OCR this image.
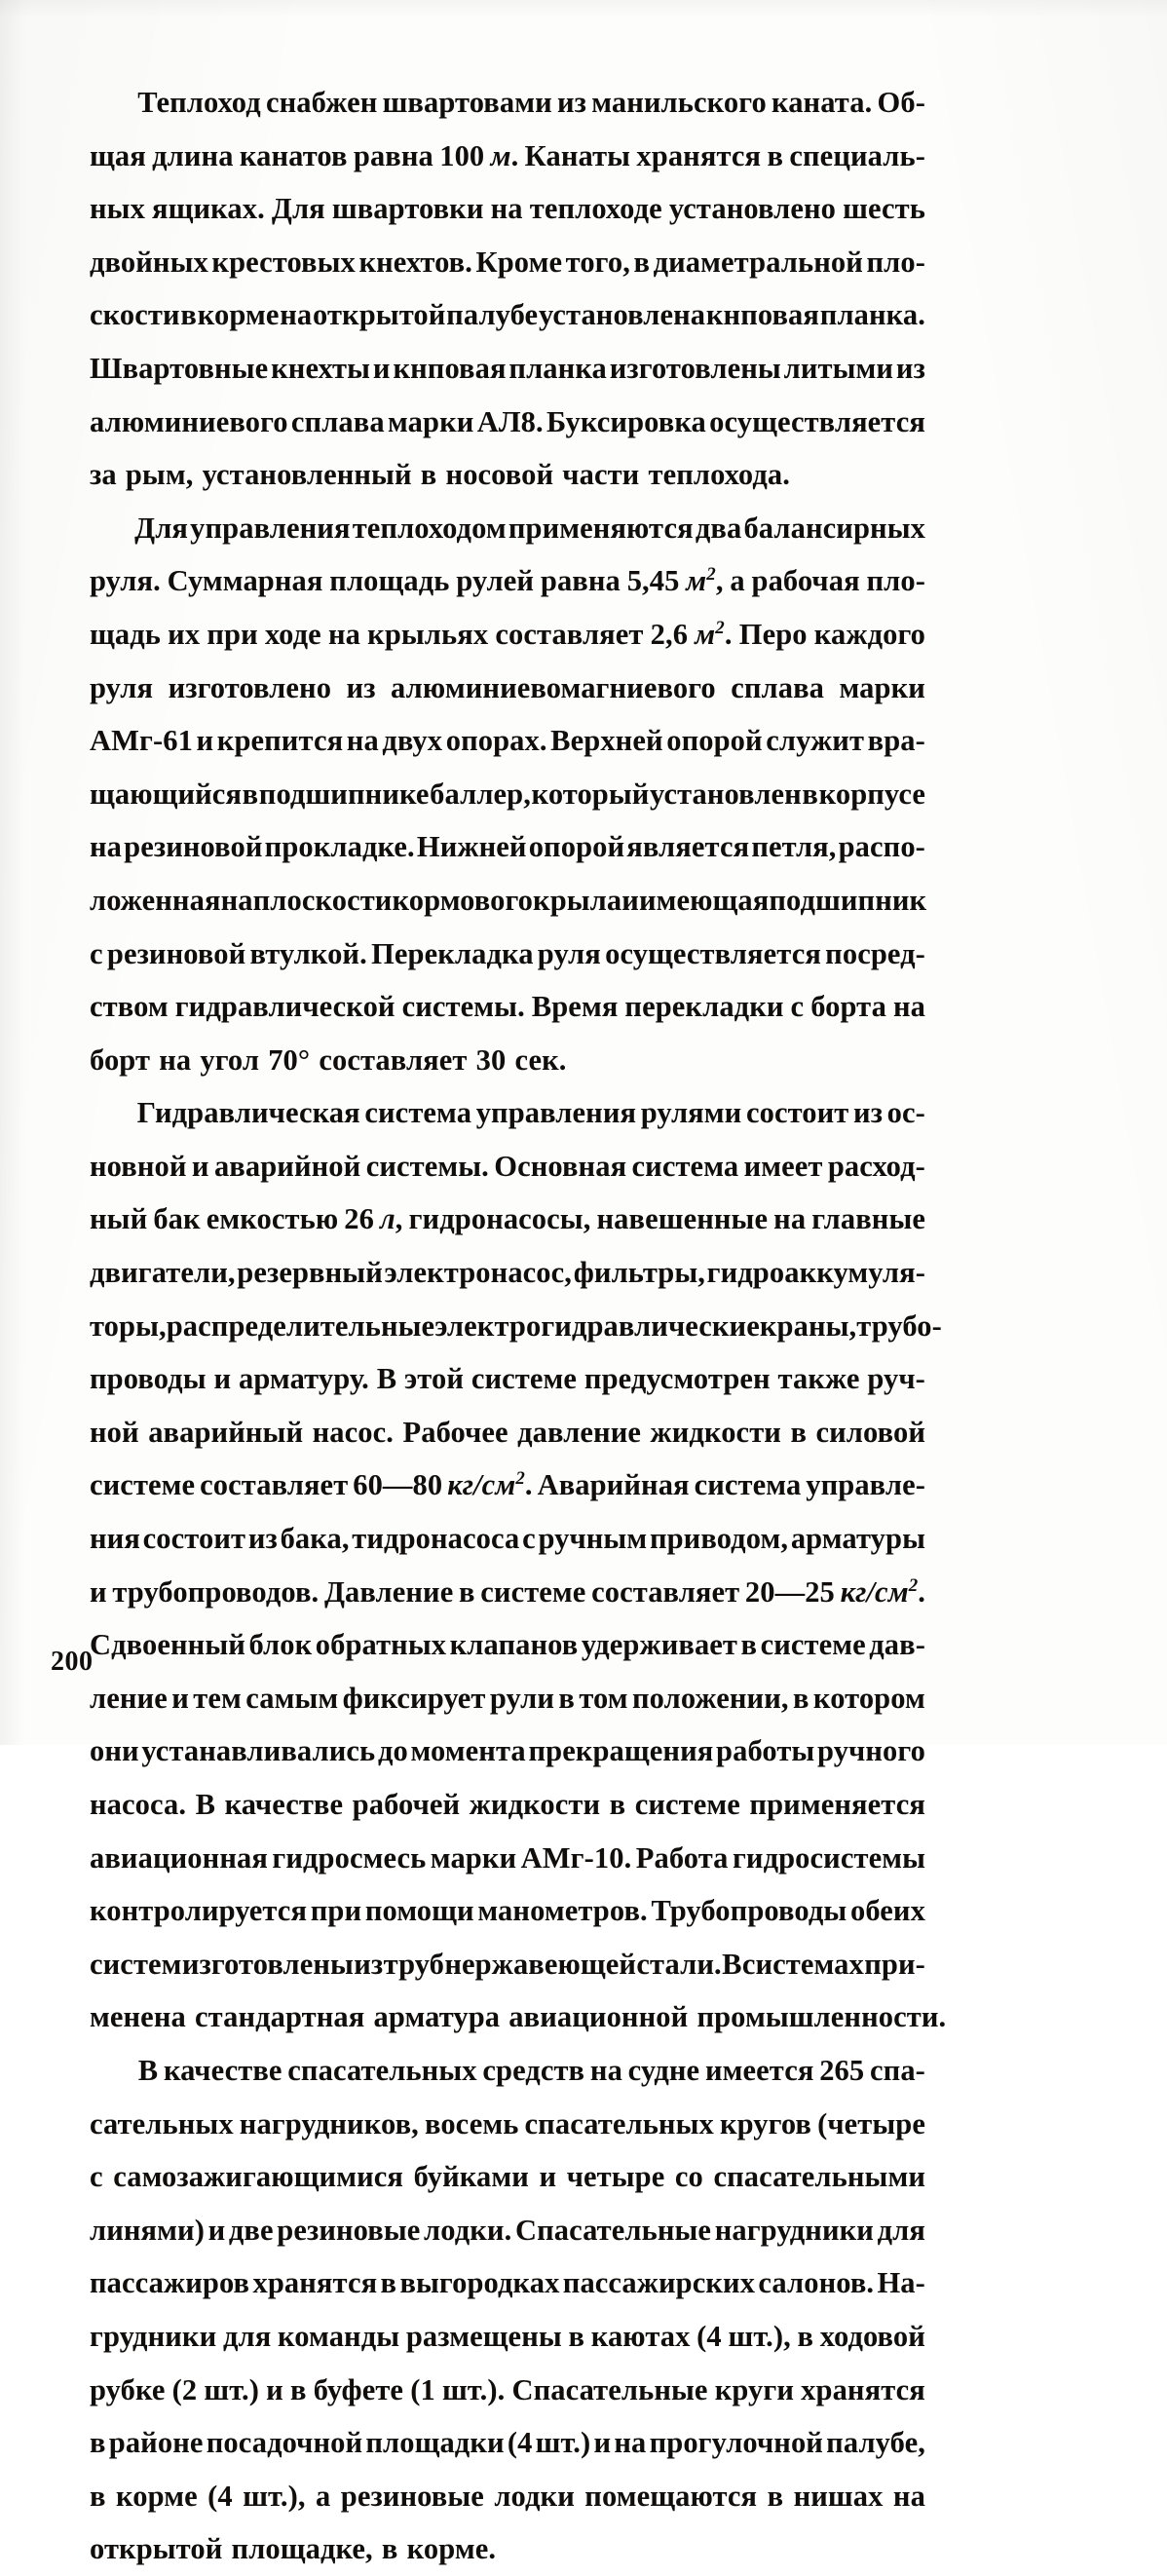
Теплоход снабжен швартовами из манильского каната. Об-
щая длина канатов равна 100 м. Канаты хранятся в специаль-
ных ящиках. Для швартовки на теплоходе установлено шесть
двойных крестовых кнехтов. Кроме того, в диаметральной пло-
скости в корме на открытой палубе установлена кнповая планка.
Швартовные кнехты и кнповая планка изготовлены литыми из
алюминиевого сплава марки АЛ8. Буксировка осуществляется
за рым, установленный в носовой части теплохода.
Для управления теплоходом применяются два балансирных
руля. Суммарная площадь рулей равна 5,45 $м^2$, а рабочая пло-
щадь их при ходе на крыльях составляет 2,6 $м^2$. Перо каждого
руля изготовлено из алюминиевомагниевого сплава марки
АМг-61 и крепится на двух опорах. Верхней опорой служит вра-
щающийся в подшипнике баллер, который установлен в корпусе
на резиновой прокладке. Нижней опорой является петля, распо-
ложенная на плоскости кормового крыла и имеющая подшипник
с резиновой втулкой. Перекладка руля осуществляется посред-
ством гидравлической системы. Время перекладки с борта на
борт на угол 70° составляет 30 сек.
Гидравлическая система управления рулями состоит из ос-
новной и аварийной системы. Основная система имеет расход-
ный бак емкостью 26 л, гидронасосы, навешенные на главные
двигатели, резервный электронасос, фильтры, гидроаккумуля-
торы, распределительные электрогидравлические краны, трубо-
проводы и арматуру. В этой системе предусмотрен также руч-
ной аварийный насос. Рабочее давление жидкости в силовой
системе составляет 60—80 $кг/см^2$. Аварийная система управле-
ния состоит из бака, тидронасоса с ручным приводом, арматуры
и трубопроводов. Давление в системе составляет 20—25 $кг/см^2$.
Сдвоенный блок обратных клапанов удерживает в системе дав-
ление и тем самым фиксирует рули в том положении, в котором
они устанавливались до момента прекращения работы ручного
насоса. В качестве рабочей жидкости в системе применяется
авиационная гидросмесь марки АМг-10. Работа гидросистемы
контролируется при помощи манометров. Трубопроводы обеих
систем изготовлены из труб нержавеющей стали. В системах при-
менена стандартная арматура авиационной промышленности.
В качестве спасательных средств на судне имеется 265 спа-
сательных нагрудников, восемь спасательных кругов (четыре
с самозажигающимися буйками и четыре со спасательными
линями) и две резиновые лодки. Спасательные нагрудники для
пассажиров хранятся в выгородках пассажирских салонов. На-
грудники для команды размещены в каютах (4 шт.), в ходовой
рубке (2 шт.) и в буфете (1 шт.). Спасательные круги хранятся
в районе посадочной площадки (4 шт.) и на прогулочной палубе,
в корме (4 шт.), а резиновые лодки помещаются в нишах на
открытой площадке, в корме.
200
